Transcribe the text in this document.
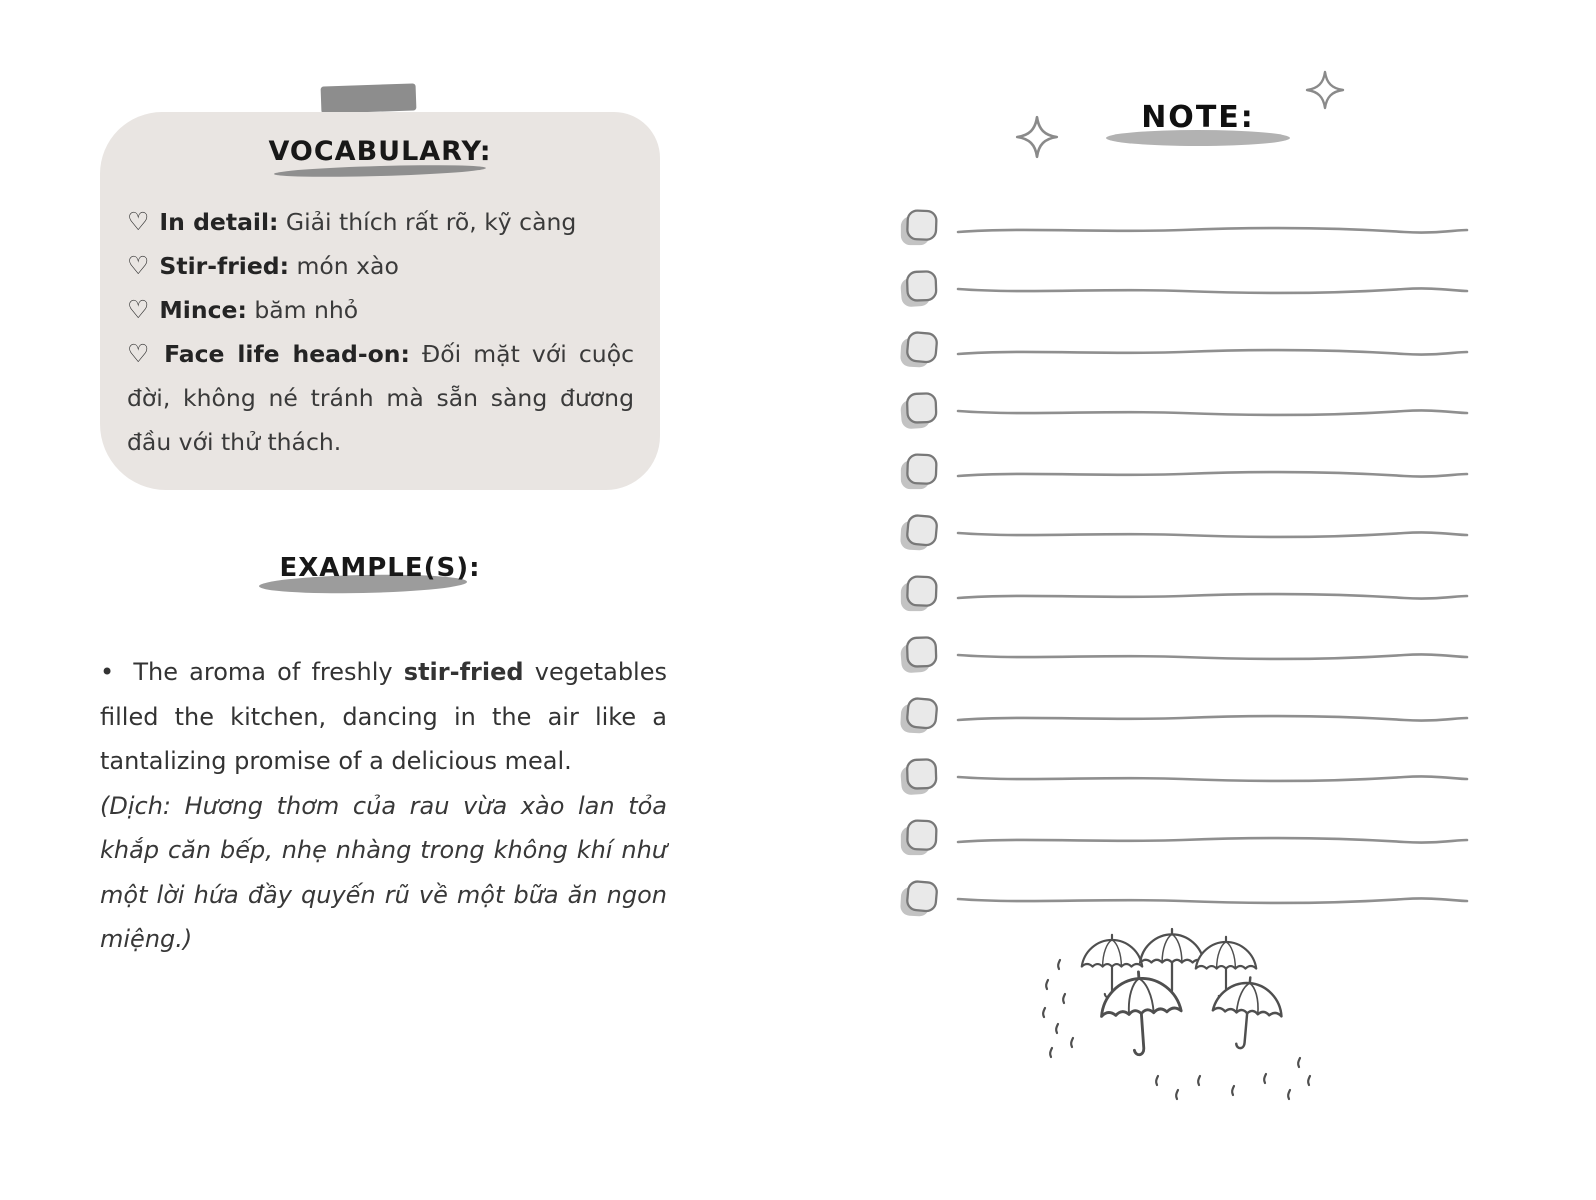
VOCABULARY:
♡ In detail: Giải thích rất rõ, kỹ càng
♡ Stir-fried: món xào
♡ Mince: băm nhỏ
♡ Face life head-on: Đối mặt với cuộc đời, không né tránh mà sẵn sàng đương đầu với thử thách.
EXAMPLE(S):

• The aroma of freshly stir-fried vegetables filled the kitchen, dancing in the air like a tantalizing promise of a delicious meal.

(Dịch: Hương thơm của rau vừa xào lan tỏa khắp căn bếp, nhẹ nhàng trong không khí như một lời hứa đầy quyến rũ về một bữa ăn ngon miệng.)

NOTE:
